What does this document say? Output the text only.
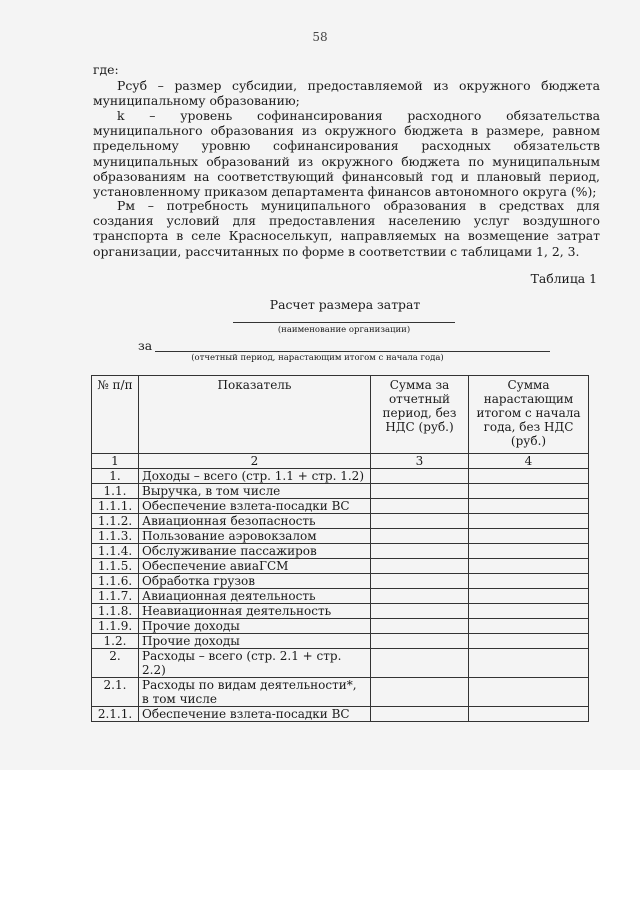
58
где:
Рсуб – размер субсидии, предоставляемой из окружного бюджета муниципальному образованию;
k – уровень софинансирования расходного обязательства муниципального образования из окружного бюджета в размере, равном предельному уровню софинансирования расходных обязательств муниципальных образований из окружного бюджета по муниципальным образованиям на соответствующий финансовый год и плановый период, установленному приказом департамента финансов автономного округа (%);
Рм – потребность муниципального образования в средствах для создания условий для предоставления населению услуг воздушного транспорта в селе Красноселькуп, направляемых на возмещение затрат организации, рассчитанных по форме в соответствии с таблицами 1, 2, 3.
Таблица 1
Расчет размера затрат
(наименование организации)
за
(отчетный период, нарастающим итогом с начала года)
№ п/п	Показатель	Сумма за отчетный период, без НДС (руб.)	Сумма нарастающим итогом с начала года, без НДС (руб.)
1	2	3	4
1.	Доходы – всего (стр. 1.1 + стр. 1.2)		
1.1.	Выручка, в том числе		
1.1.1.	Обеспечение взлета-посадки ВС		
1.1.2.	Авиационная безопасность		
1.1.3.	Пользование аэровокзалом		
1.1.4.	Обслуживание пассажиров		
1.1.5.	Обеспечение авиаГСМ		
1.1.6.	Обработка грузов		
1.1.7.	Авиационная деятельность		
1.1.8.	Неавиационная деятельность		
1.1.9.	Прочие доходы		
1.2.	Прочие доходы		
2.	Расходы – всего (стр. 2.1 + стр. 2.2)		
2.1.	Расходы по видам деятельности*, в том числе		
2.1.1.	Обеспечение взлета-посадки ВС		
